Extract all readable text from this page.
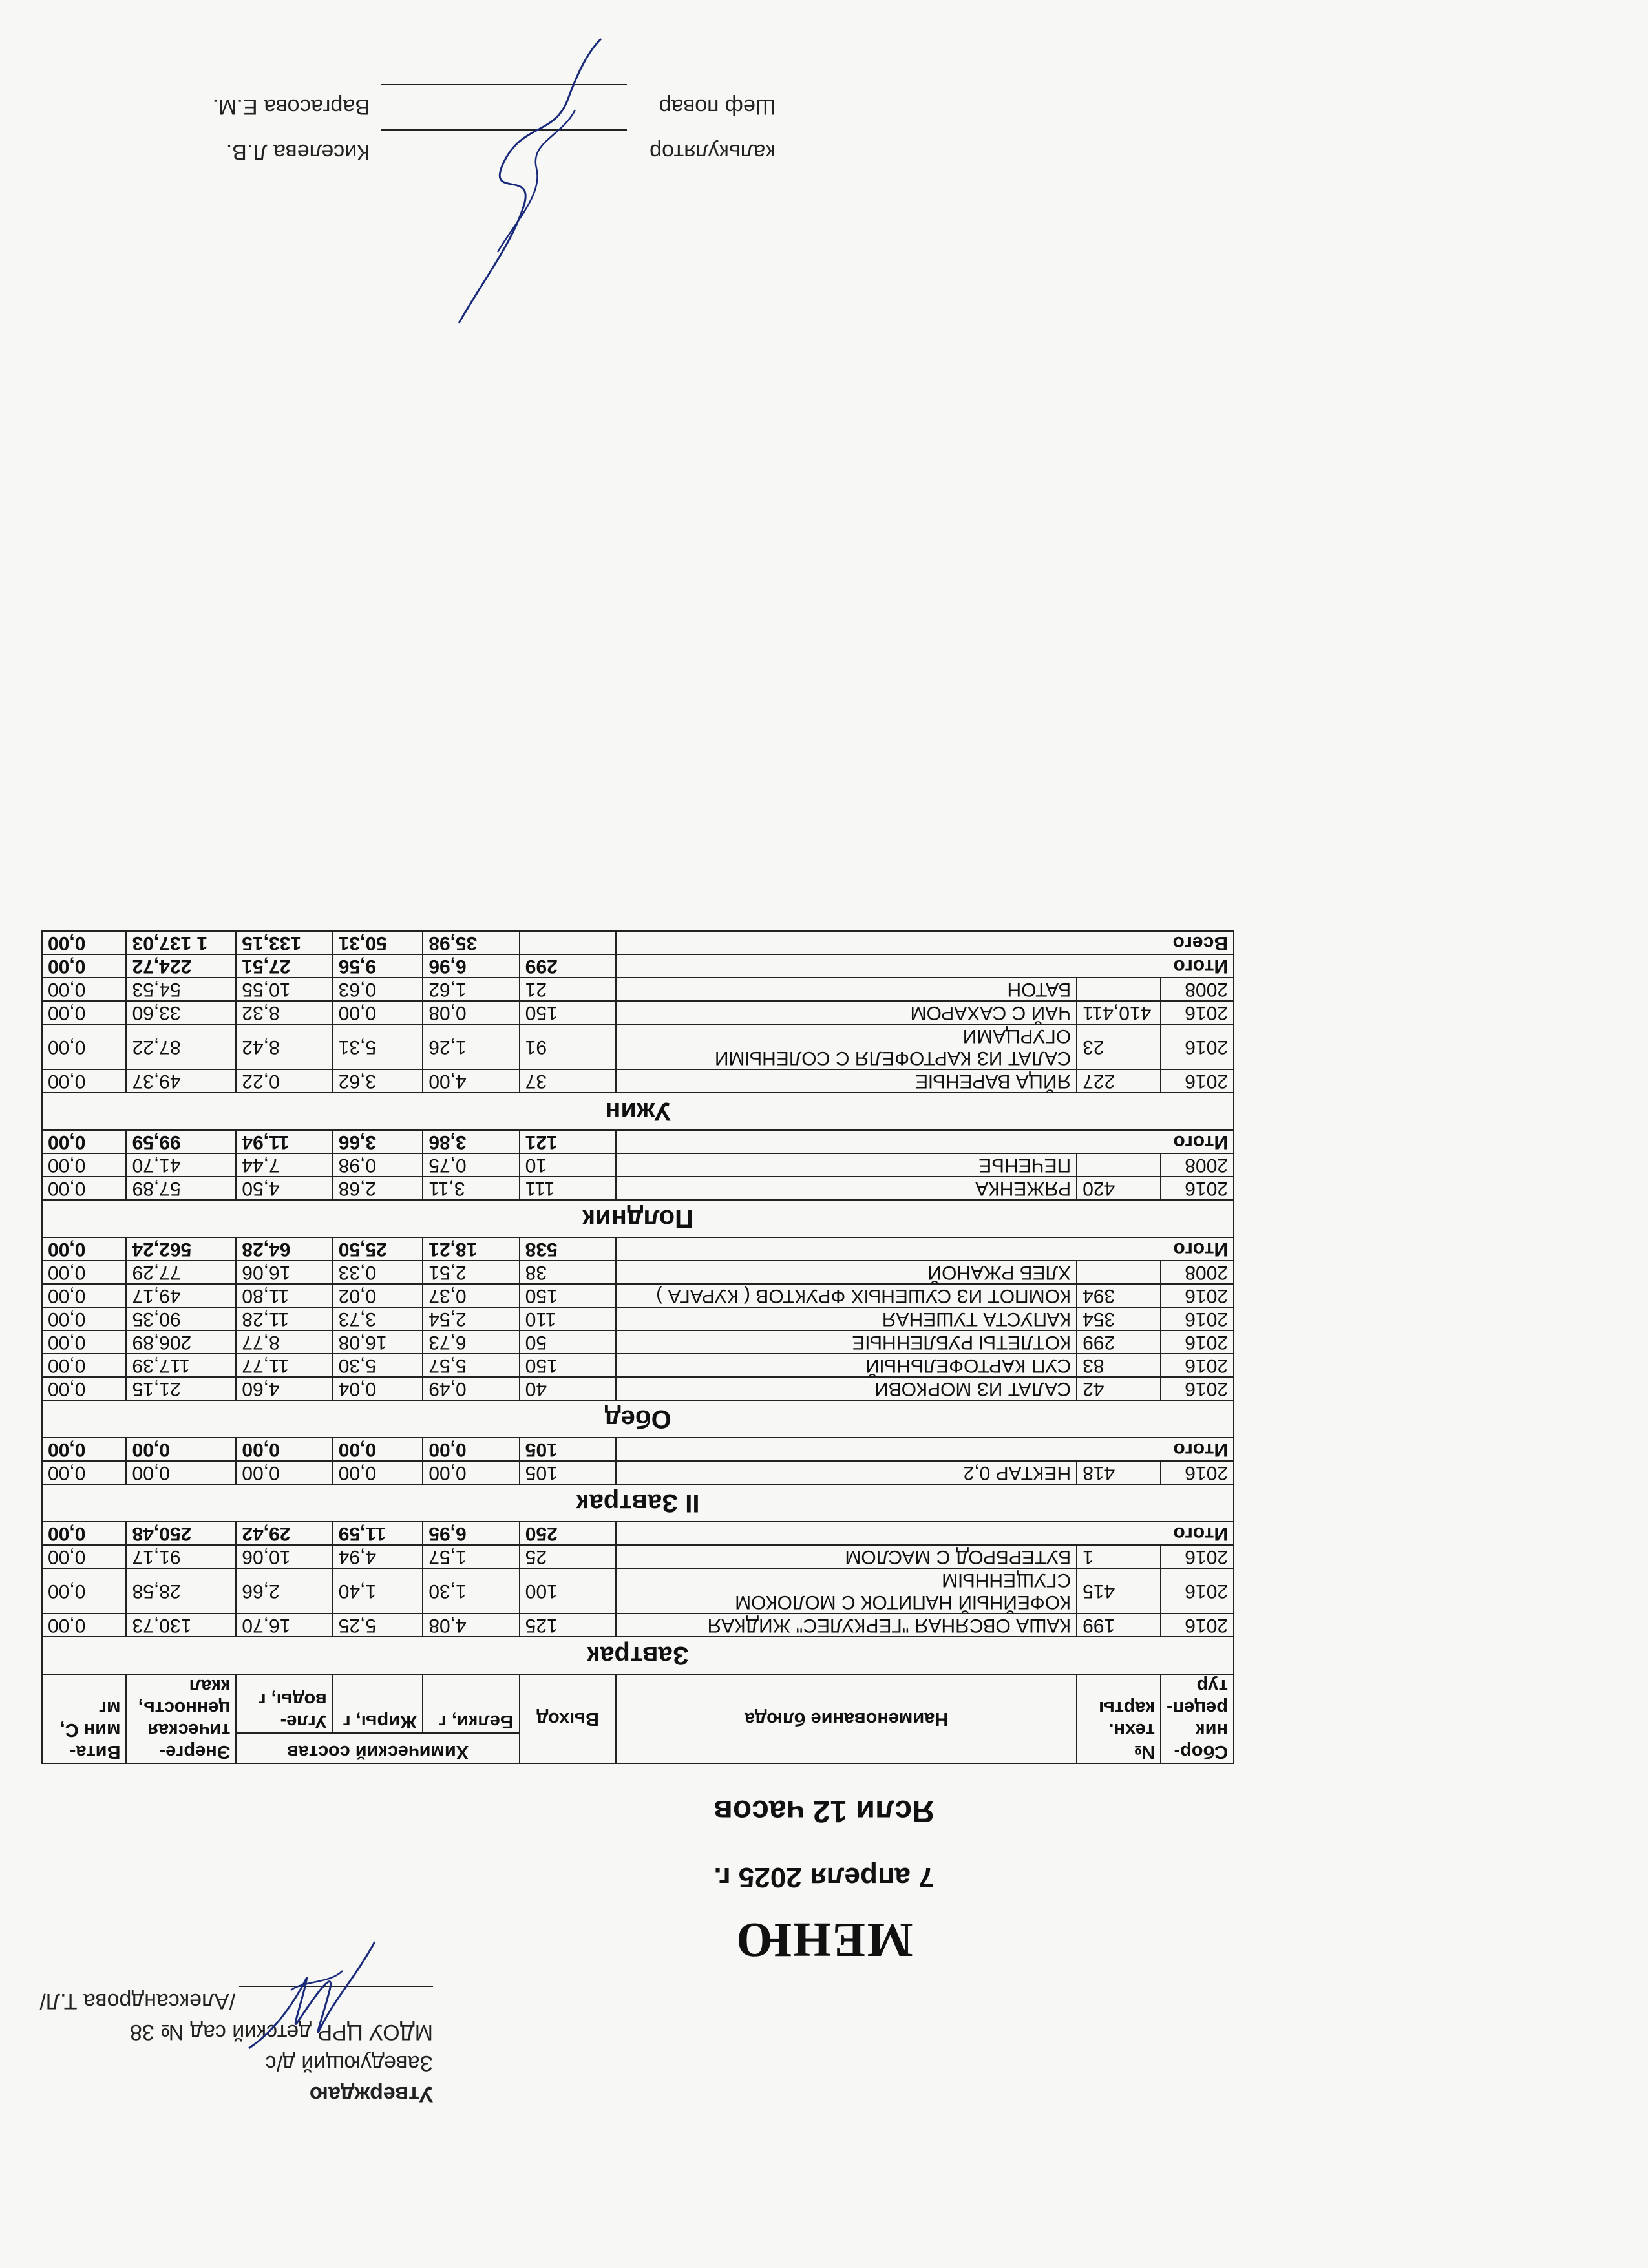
Утверждаю
Заведующий д/с
МДОУ ЦРР детский сад № 38
/Александрова Т.Л/
МЕНЮ
7 апреля 2025 г.
Ясли 12 часов
Сбор-ник рецеп-тур	№ техн. карты	Наименование блюда	Выход	Химический состав			Энерге-тическая ценность, ккал	Вита-мин С, мг
				Белки, г	Жиры, г	Угле-воды, г		
Завтрак								
2016	199	КАША ОВСЯНАЯ "ГЕРКУЛЕС" ЖИДКАЯ	125	4,08	5,25	16,70	130,73	0,00
2016	415	КОФЕЙНЫЙ НАПИТОК С МОЛОКОМ СГУЩЕННЫМ	100	1,30	1,40	2,66	28,58	0,00
2016	1	БУТЕРБРОД С МАСЛОМ	25	1,57	4,94	10,06	91,17	0,00
Итого			250	6,95	11,59	29,42	250,48	0,00
II Завтрак								
2016	418	НЕКТАР 0,2	105	0,00	0,00	0,00	0,00	0,00
Итого			105	0,00	0,00	0,00	0,00	0,00
Обед								
2016	42	САЛАТ ИЗ МОРКОВИ	40	0,49	0,04	4,60	21,15	0,00
2016	83	СУП КАРТОФЕЛЬНЫЙ	150	5,57	5,30	11,77	117,39	0,00
2016	299	КОТЛЕТЫ РУБЛЕННЫЕ	50	6,73	16,08	8,77	206,89	0,00
2016	354	КАПУСТА ТУШЕНАЯ	110	2,54	3,73	11,28	90,35	0,00
2016	394	КОМПОТ ИЗ СУШЕНЫХ ФРУКТОВ ( КУРАГА )	150	0,37	0,02	11,80	49,17	0,00
2008		ХЛЕБ РЖАНОЙ	38	2,51	0,33	16,06	77,29	0,00
Итого			538	18,21	25,50	64,28	562,24	0,00
Полдник								
2016	420	РЯЖЕНКА	111	3,11	2,68	4,50	57,89	0,00
2008		ПЕЧЕНЬЕ	10	0,75	0,98	7,44	41,70	0,00
Итого			121	3,86	3,66	11,94	99,59	0,00
Ужин								
2016	227	ЯЙЦА ВАРЕНЫЕ	37	4,00	3,62	0,22	49,37	0,00
2016	23	САЛАТ ИЗ КАРТОФЕЛЯ С СОЛЕНЫМИ ОГУРЦАМИ	91	1,26	5,31	8,42	87,22	0,00
2016	410,411	ЧАЙ С САХАРОМ	150	0,08	0,00	8,32	33,60	0,00
2008		БАТОН	21	1,62	0,63	10,55	54,53	0,00
Итого			299	6,96	9,56	27,51	224,72	0,00
Всего				35,98	50,31	133,15	1 137,03	0,00
калькуляторКиселева Л.В.
Шеф поварВаргасова Е.М.
